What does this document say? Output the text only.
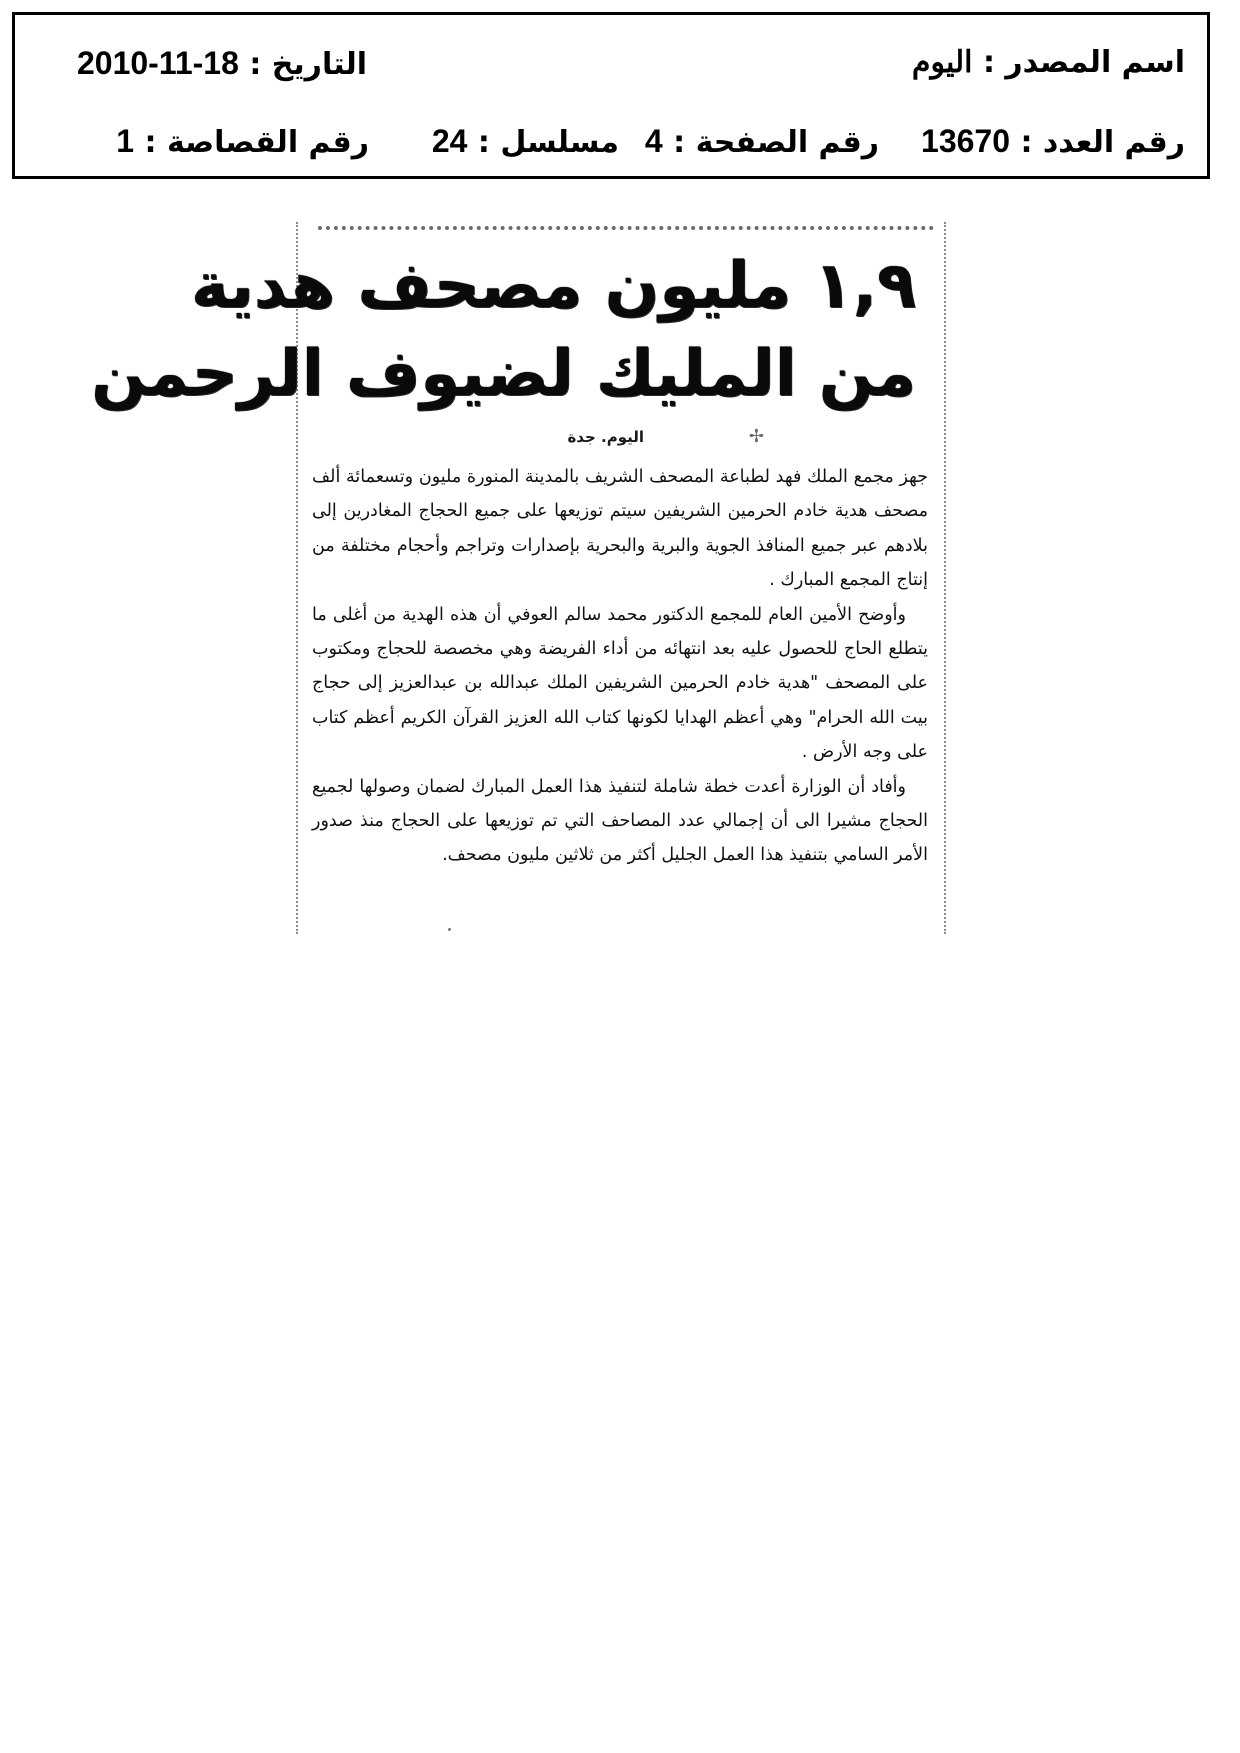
اسم المصدر : اليوم
التاريخ : 18-11-2010
رقم العدد : 13670
رقم الصفحة : 4
مسلسل : 24
رقم القصاصة : 1
١,٩ مليون مصحف هدية
من المليك لضيوف الرحمن
✢
اليوم. جدة

جهز مجمع الملك فهد لطباعة المصحف الشريف بالمدينة المنورة مليون وتسعمائة ألف مصحف هدية خادم الحرمين الشريفين سيتم توزيعها على جميع الحجاج المغادرين إلى بلادهم عبر جميع المنافذ الجوية والبرية والبحرية بإصدارات وتراجم وأحجام مختلفة من إنتاج المجمع المبارك .

وأوضح الأمين العام للمجمع الدكتور محمد سالم العوفي أن هذه الهدية من أغلى ما يتطلع الحاج للحصول عليه بعد انتهائه من أداء الفريضة وهي مخصصة للحجاج ومكتوب على المصحف "هدية خادم الحرمين الشريفين الملك عبدالله بن عبدالعزيز إلى حجاج بيت الله الحرام" وهي أعظم الهدايا لكونها كتاب الله العزيز القرآن الكريم أعظم كتاب على وجه الأرض .

وأفاد أن الوزارة أعدت خطة شاملة لتنفيذ هذا العمل المبارك لضمان وصولها لجميع الحجاج مشيرا الى أن إجمالي عدد المصاحف التي تم توزيعها على الحجاج منذ صدور الأمر السامي بتنفيذ هذا العمل الجليل أكثر من ثلاثين مليون مصحف.
